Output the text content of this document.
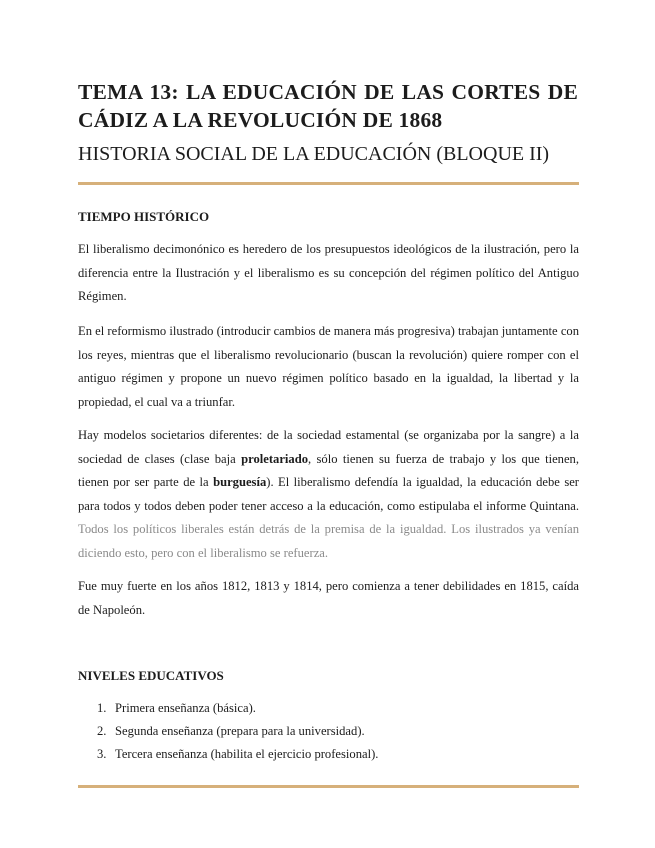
TEMA 13: LA EDUCACIÓN DE LAS CORTES DE CÁDIZ A LA REVOLUCIÓN DE 1868
HISTORIA SOCIAL DE LA EDUCACIÓN (BLOQUE II)
TIEMPO HISTÓRICO

El liberalismo decimonónico es heredero de los presupuestos ideológicos de la ilustración, pero la diferencia entre la Ilustración y el liberalismo es su concepción del régimen político del Antiguo Régimen.

En el reformismo ilustrado (introducir cambios de manera más progresiva) trabajan juntamente con los reyes, mientras que el liberalismo revolucionario (buscan la revolución) quiere romper con el antiguo régimen y propone un nuevo régimen político basado en la igualdad, la libertad y la propiedad, el cual va a triunfar.

Hay modelos societarios diferentes: de la sociedad estamental (se organizaba por la sangre) a la sociedad de clases (clase baja proletariado, sólo tienen su fuerza de trabajo y los que tienen, tienen por ser parte de la burguesía). El liberalismo defendía la igualdad, la educación debe ser para todos y todos deben poder tener acceso a la educación, como estipulaba el informe Quintana. Todos los políticos liberales están detrás de la premisa de la igualdad. Los ilustrados ya venían diciendo esto, pero con el liberalismo se refuerza.

Fue muy fuerte en los años 1812, 1813 y 1814, pero comienza a tener debilidades en 1815, caída de Napoleón.

NIVELES EDUCATIVOS
1. Primera enseñanza (básica).
2. Segunda enseñanza (prepara para la universidad).
3. Tercera enseñanza (habilita el ejercicio profesional).
